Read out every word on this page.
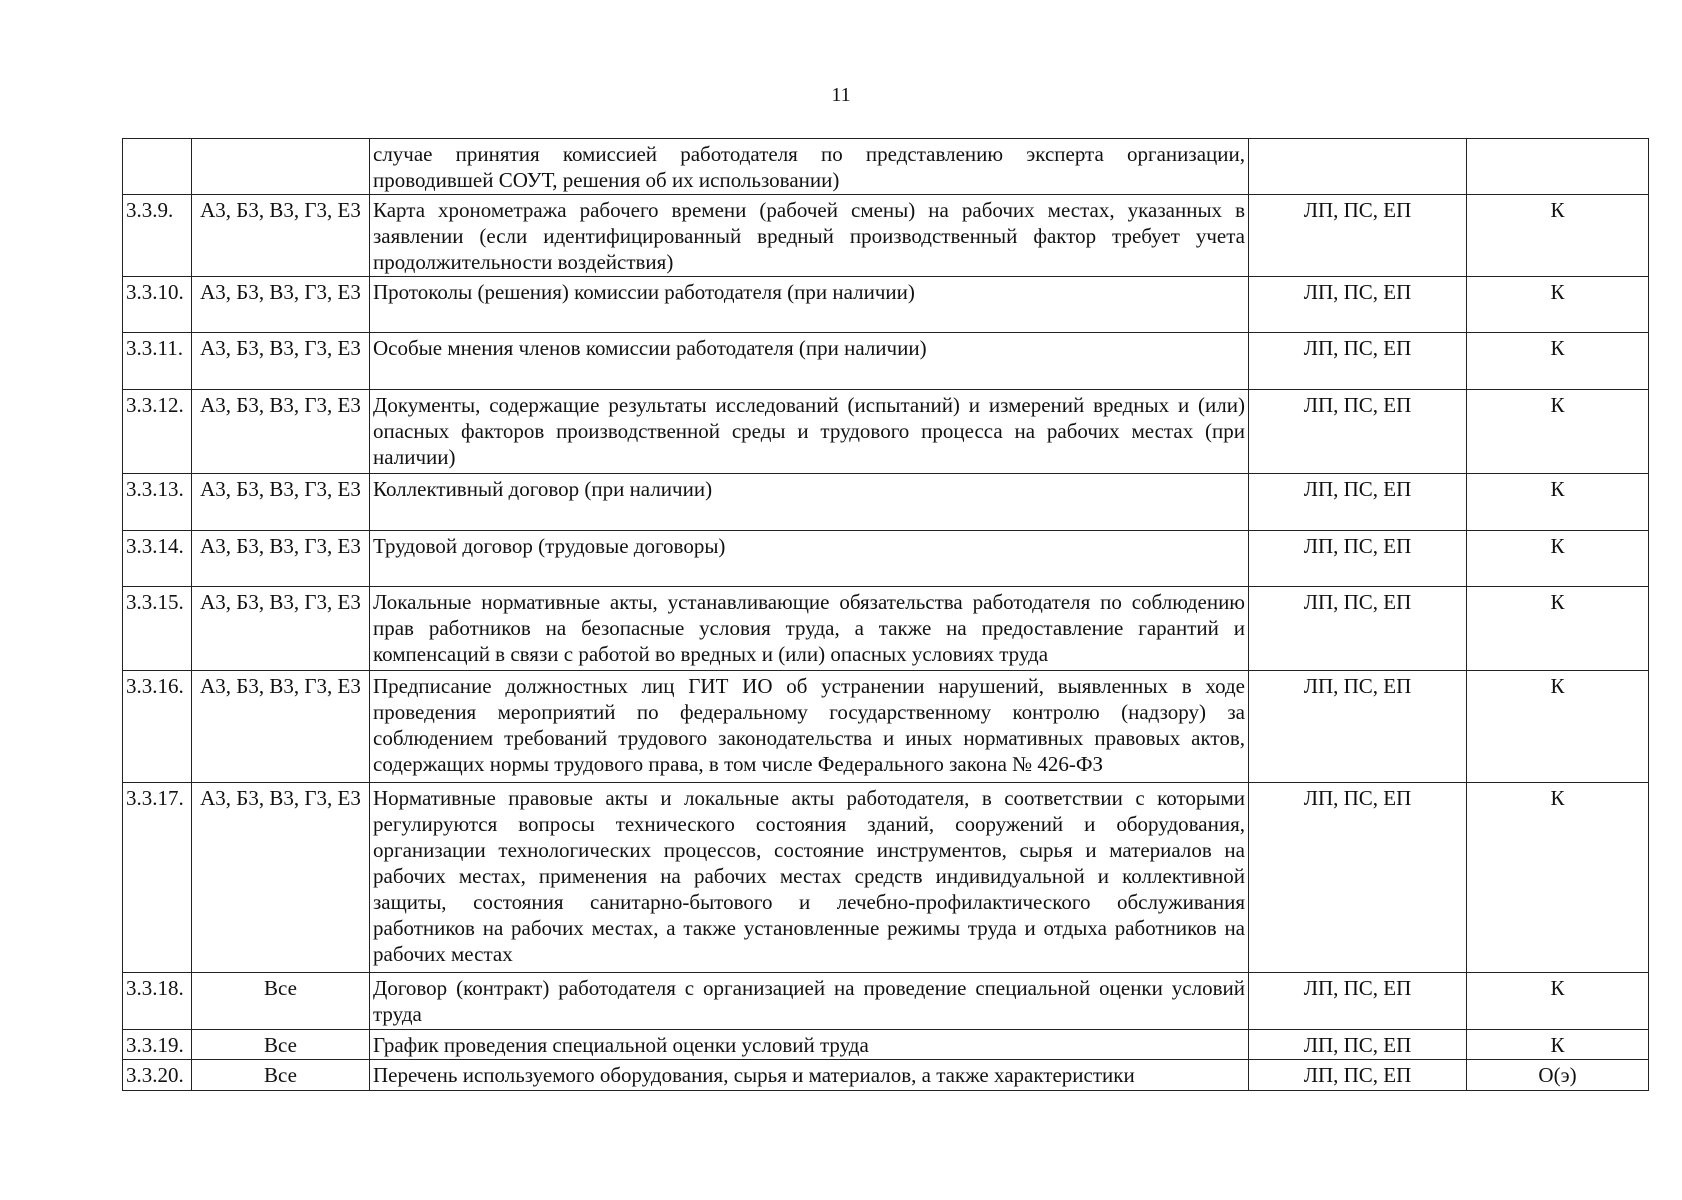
11
		случае принятия комиссией работодателя по представлению эксперта организации, проводившей СОУТ, решения об их использовании)		
3.3.9.	А3, Б3, В3, Г3, Е3	Карта хронометража рабочего времени (рабочей смены) на рабочих местах, указанных в заявлении (если идентифицированный вредный производственный фактор требует учета продолжительности воздействия)	ЛП, ПС, ЕП	К
3.3.10.	А3, Б3, В3, Г3, Е3	Протоколы (решения) комиссии работодателя (при наличии)	ЛП, ПС, ЕП	К
3.3.11.	А3, Б3, В3, Г3, Е3	Особые мнения членов комиссии работодателя (при наличии)	ЛП, ПС, ЕП	К
3.3.12.	А3, Б3, В3, Г3, Е3	Документы, содержащие результаты исследований (испытаний) и измерений вредных и (или) опасных факторов производственной среды и трудового процесса на рабочих местах (при наличии)	ЛП, ПС, ЕП	К
3.3.13.	А3, Б3, В3, Г3, Е3	Коллективный договор (при наличии)	ЛП, ПС, ЕП	К
3.3.14.	А3, Б3, В3, Г3, Е3	Трудовой договор (трудовые договоры)	ЛП, ПС, ЕП	К
3.3.15.	А3, Б3, В3, Г3, Е3	Локальные нормативные акты, устанавливающие обязательства работодателя по соблюдению прав работников на безопасные условия труда, а также на предоставление гарантий и компенсаций в связи с работой во вредных и (или) опасных условиях труда	ЛП, ПС, ЕП	К
3.3.16.	А3, Б3, В3, Г3, Е3	Предписание должностных лиц ГИТ ИО об устранении нарушений, выявленных в ходе проведения мероприятий по федеральному государственному контролю (надзору) за соблюдением требований трудового законодательства и иных нормативных правовых актов, содержащих нормы трудового права, в том числе Федерального закона № 426-ФЗ	ЛП, ПС, ЕП	К
3.3.17.	А3, Б3, В3, Г3, Е3	Нормативные правовые акты и локальные акты работодателя, в соответствии с которыми регулируются вопросы технического состояния зданий, сооружений и оборудования, организации технологических процессов, состояние инструментов, сырья и материалов на рабочих местах, применения на рабочих местах средств индивидуальной и коллективной защиты, состояния санитарно-бытового и лечебно-профилактического обслуживания работников на рабочих местах, а также установленные режимы труда и отдыха работников на рабочих местах	ЛП, ПС, ЕП	К
3.3.18.	Все	Договор (контракт) работодателя с организацией на проведение специальной оценки условий труда	ЛП, ПС, ЕП	К
3.3.19.	Все	График проведения специальной оценки условий труда	ЛП, ПС, ЕП	К
3.3.20.	Все	Перечень используемого оборудования, сырья и материалов, а также характеристики	ЛП, ПС, ЕП	О(э)
